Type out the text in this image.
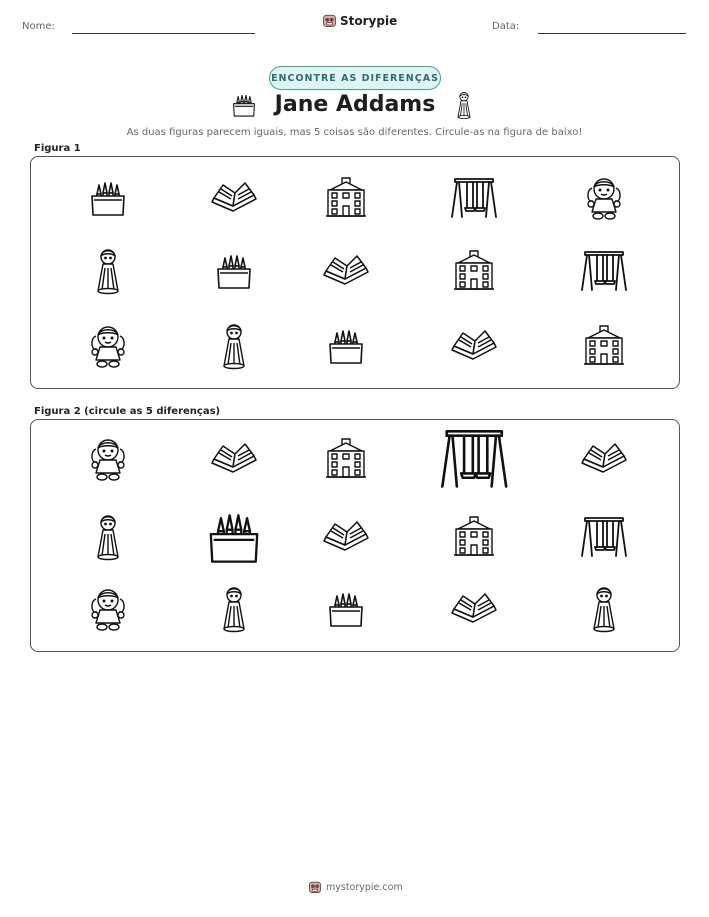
Nome:	Storypie	Data:
ENCONTRE AS DIFERENÇAS
Jane Addams
As duas figuras parecem iguais, mas 5 coisas são diferentes. Circule-as na figura de baixo!
Figura 1
Figura 2 (circule as 5 diferenças)
mystorypie.com
